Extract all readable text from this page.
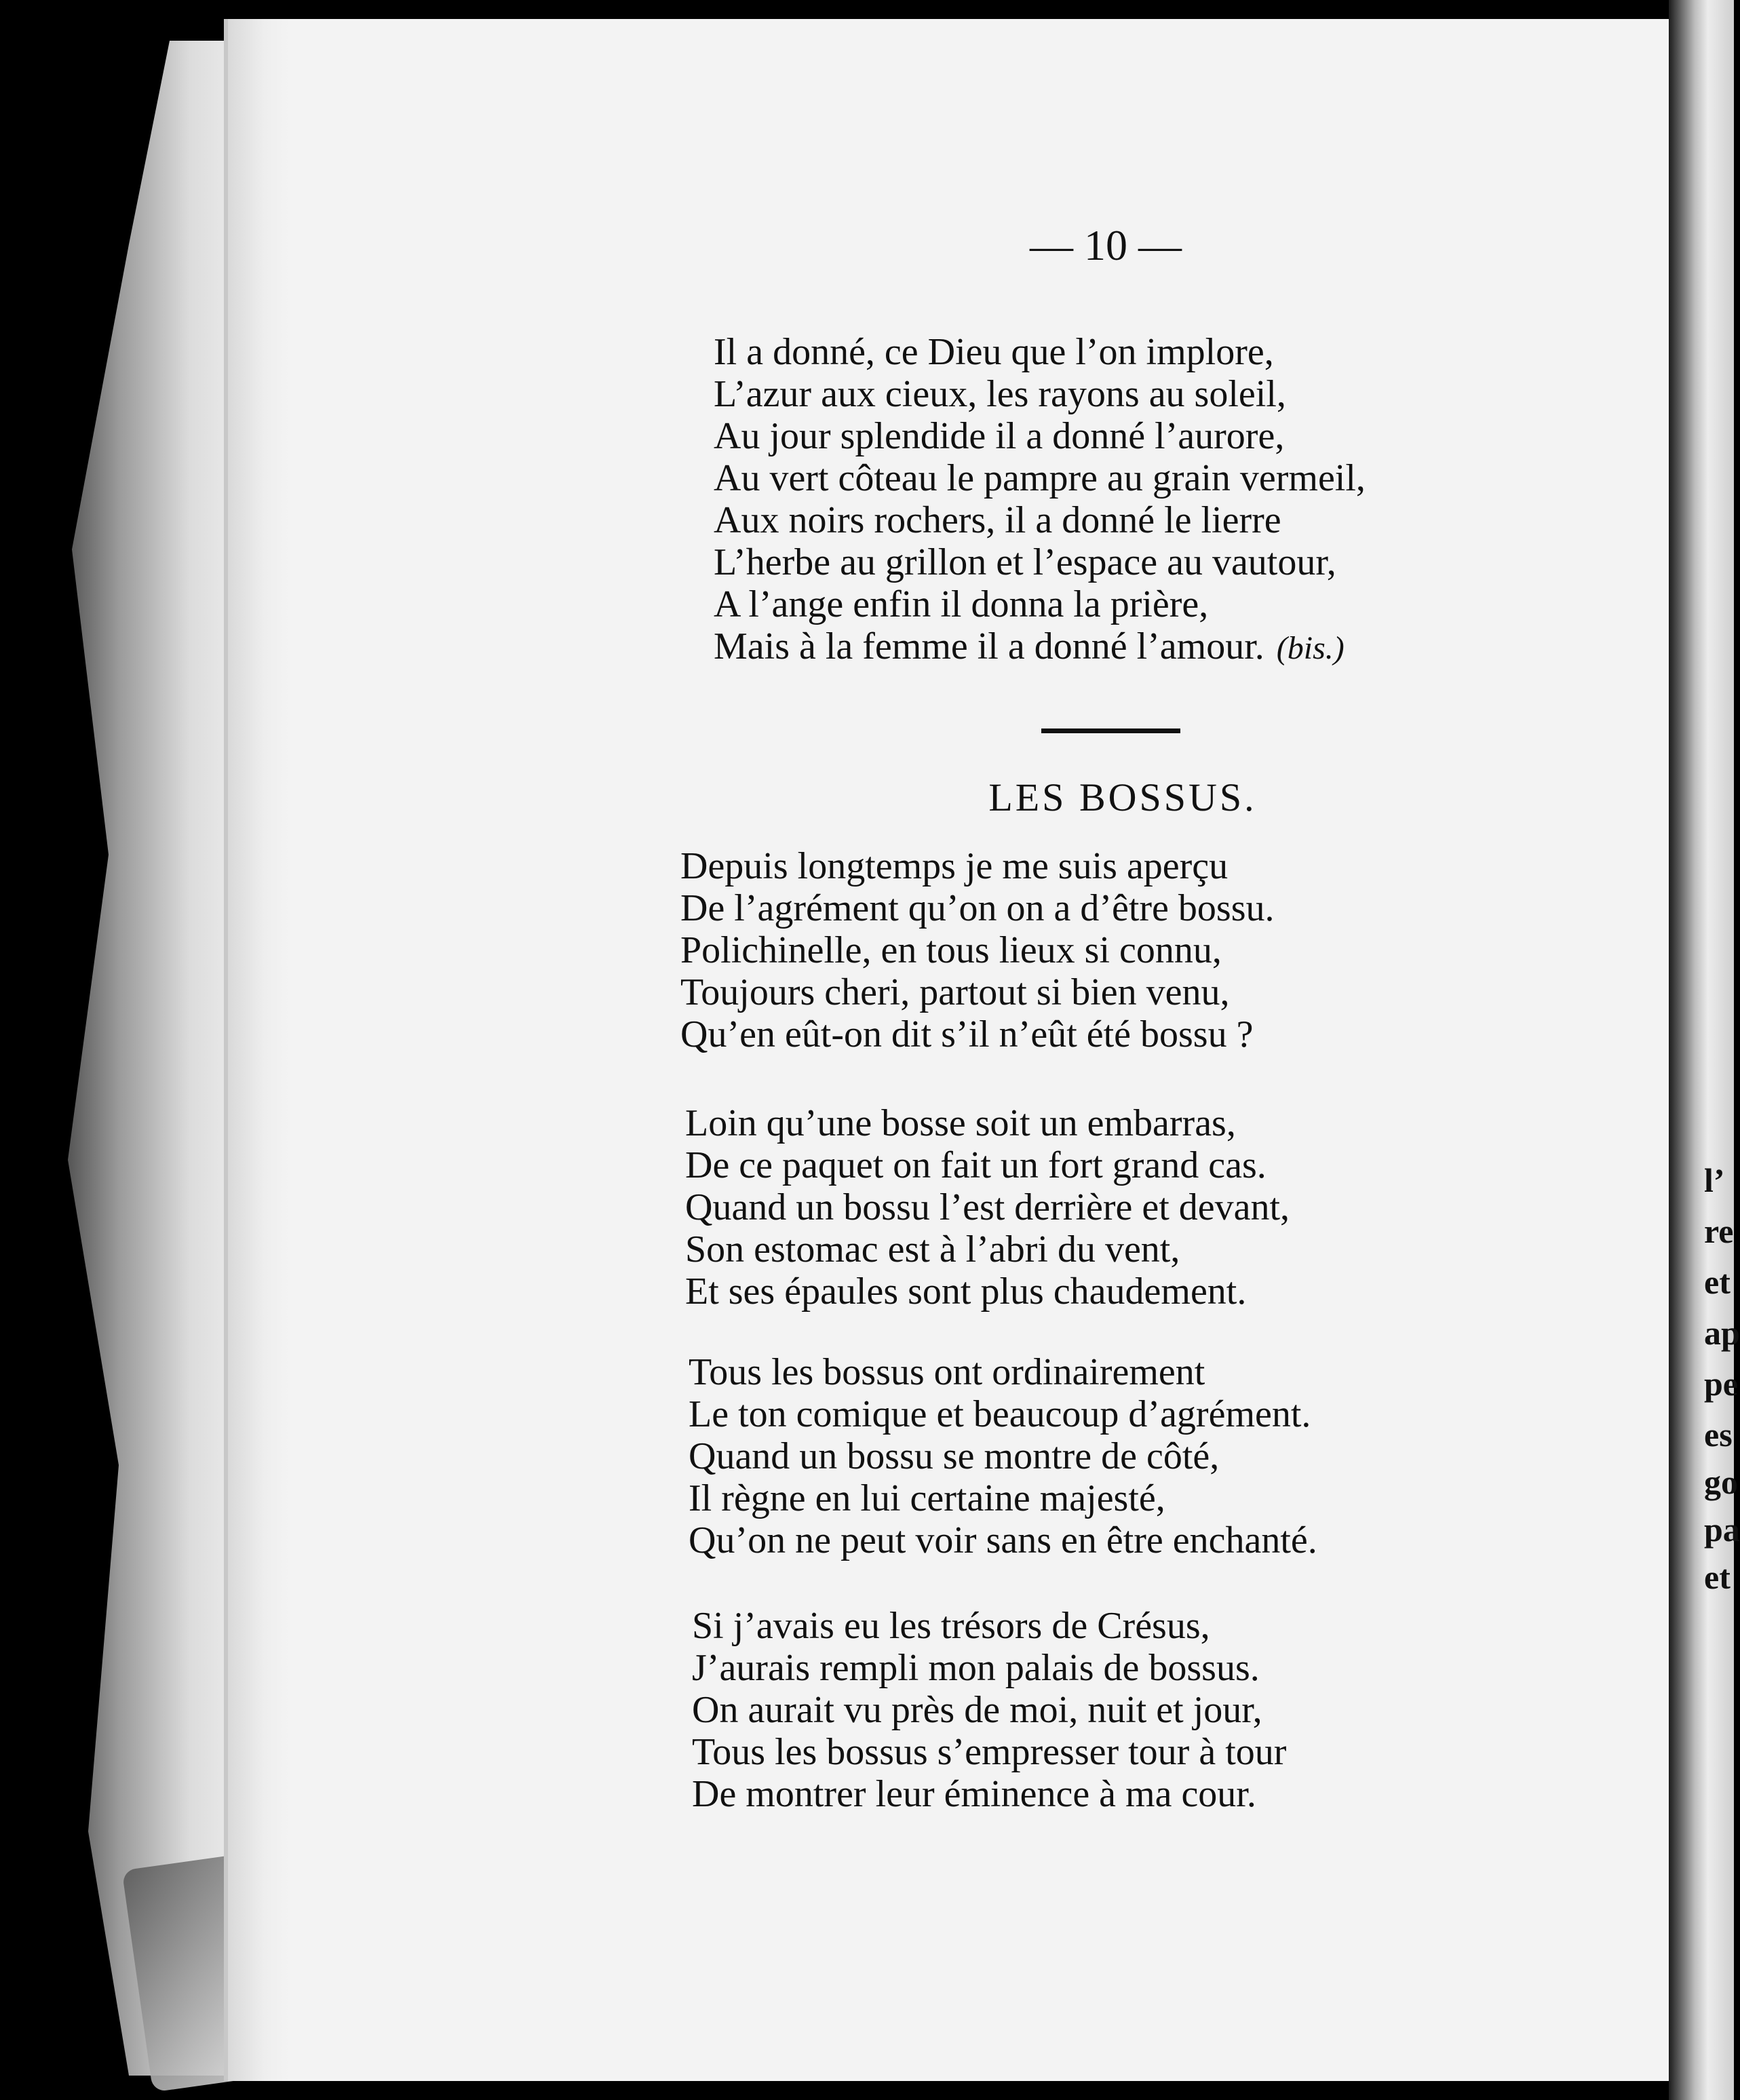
l’
re
et
ap
pe
es
go
pa
et
— 10 —
Il a donné, ce Dieu que l’on implore,
L’azur aux cieux, les rayons au soleil,
Au jour splendide il a donné l’aurore,
Au vert côteau le pampre au grain vermeil,
Aux noirs rochers, il a donné le lierre
L’herbe au grillon et l’espace au vautour,
A l’ange enfin il donna la prière,
Mais à la femme il a donné l’amour. (bis.)
LES BOSSUS.
Depuis longtemps je me suis aperçu
De l’agrément qu’on on a d’être bossu.
Polichinelle, en tous lieux si connu,
Toujours cheri, partout si bien venu,
Qu’en eût-on dit s’il n’eût été bossu ?
Loin qu’une bosse soit un embarras,
De ce paquet on fait un fort grand cas.
Quand un bossu l’est derrière et devant,
Son estomac est à l’abri du vent,
Et ses épaules sont plus chaudement.
Tous les bossus ont ordinairement
Le ton comique et beaucoup d’agrément.
Quand un bossu se montre de côté,
Il règne en lui certaine majesté,
Qu’on ne peut voir sans en être enchanté.
Si j’avais eu les trésors de Crésus,
J’aurais rempli mon palais de bossus.
On aurait vu près de moi, nuit et jour,
Tous les bossus s’empresser tour à tour
De montrer leur éminence à ma cour.
